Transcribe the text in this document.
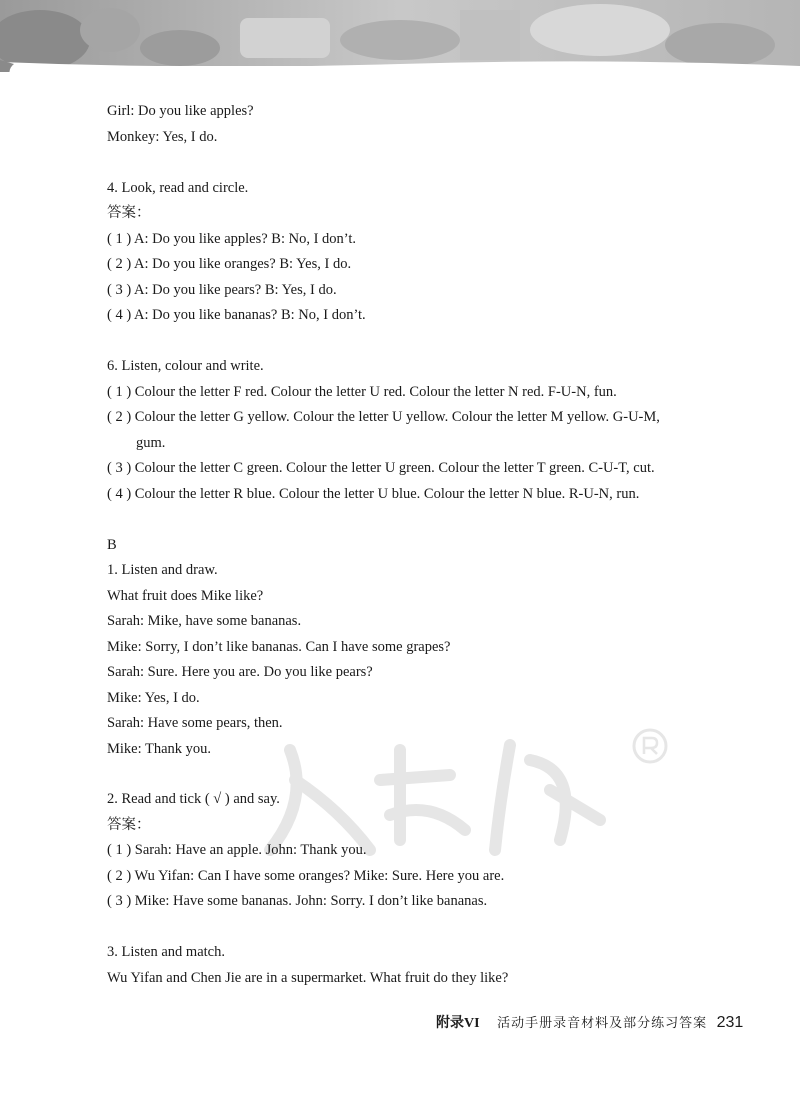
Girl: Do you like apples?
Monkey: Yes, I do.
4. Look, read and circle.
答案：
( 1 ) A: Do you like apples? B: No, I don’t.
( 2 ) A: Do you like oranges? B: Yes, I do.
( 3 ) A: Do you like pears? B: Yes, I do.
( 4 ) A: Do you like bananas? B: No, I don’t.
6. Listen, colour and write.
( 1 ) Colour the letter F red. Colour the letter U red. Colour the letter N red. F-U-N, fun.
( 2 ) Colour the letter G yellow. Colour the letter U yellow. Colour the letter M yellow. G-U-M,
gum.
( 3 ) Colour the letter C green. Colour the letter U green. Colour the letter T green. C-U-T, cut.
( 4 ) Colour the letter R blue. Colour the letter U blue. Colour the letter N blue. R-U-N, run.
B
1. Listen and draw.
What fruit does Mike like?
Sarah: Mike, have some bananas.
Mike: Sorry, I don’t like bananas. Can I have some grapes?
Sarah: Sure. Here you are. Do you like pears?
Mike: Yes, I do.
Sarah: Have some pears, then.
Mike: Thank you.
2. Read and tick ( √ ) and say.
答案：
( 1 ) Sarah: Have an apple. John: Thank you.
( 2 ) Wu Yifan: Can I have some oranges? Mike: Sure. Here you are.
( 3 ) Mike: Have some bananas. John: Sorry. I don’t like bananas.
3. Listen and match.
Wu Yifan and Chen Jie are in a supermarket. What fruit do they like?
附录VI 活动手册录音材料及部分练习答案 231
